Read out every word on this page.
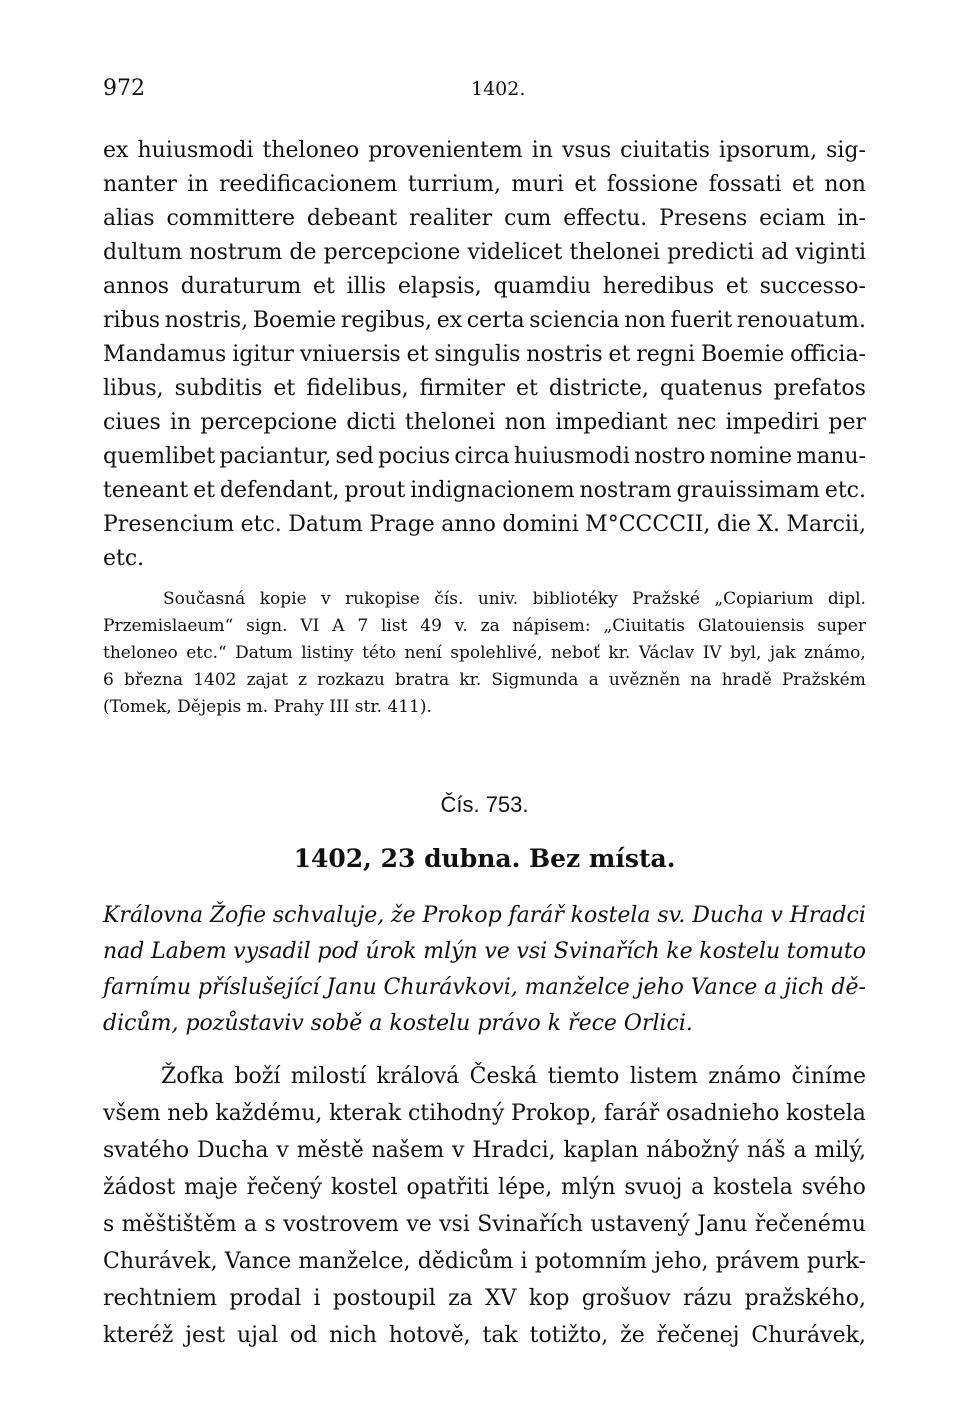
972	1402.
ex huiusmodi theloneo provenientem in vsus ciuitatis ipsorum, sig-
nanter in reedificacionem turrium, muri et fossione fossati et non
alias committere debeant realiter cum effectu. Presens eciam in-
dultum nostrum de percepcione videlicet thelonei predicti ad viginti
annos duraturum et illis elapsis, quamdiu heredibus et successo-
ribus nostris, Boemie regibus, ex certa sciencia non fuerit renouatum.
Mandamus igitur vniuersis et singulis nostris et regni Boemie officia-
libus, subditis et fidelibus, firmiter et districte, quatenus prefatos
ciues in percepcione dicti thelonei non impediant nec impediri per
quemlibet paciantur, sed pocius circa huiusmodi nostro nomine manu-
teneant et defendant, prout indignacionem nostram grauissimam etc.
Presencium etc. Datum Prage anno domini M°CCCCII, die X. Marcii,
etc.
Současná kopie v rukopise čís. univ. bibliotéky Pražské „Copiarium dipl.
Przemislaeum“ sign. VI A 7 list 49 v. za nápisem: „Ciuitatis Glatouiensis super
theloneo etc.“ Datum listiny této není spolehlivé, neboť kr. Václav IV byl, jak známo,
6 března 1402 zajat z rozkazu bratra kr. Sigmunda a uvězněn na hradě Pražském
(Tomek, Dějepis m. Prahy III str. 411).
Čís. 753.
1402, 23 dubna. Bez místa.
Královna Žofie schvaluje, že Prokop farář kostela sv. Ducha v Hradci
nad Labem vysadil pod úrok mlýn ve vsi Svinařích ke kostelu tomuto
farnímu příslušející Janu Churávkovi, manželce jeho Vance a jich dě-
dicům, pozůstaviv sobě a kostelu právo k řece Orlici.
Žofka boží milostí králová Česká tiemto listem známo činíme
všem neb každému, kterak ctihodný Prokop, farář osadnieho kostela
svatého Ducha v městě našem v Hradci, kaplan nábožný náš a milý,
žádost maje řečený kostel opatřiti lépe, mlýn svuoj a kostela svého
s měštištěm a s vostrovem ve vsi Svinařích ustavený Janu řečenému
Churávek, Vance manželce, dědicům i potomním jeho, právem purk-
rechtniem prodal i postoupil za XV kop grošuov rázu pražského,
kteréž jest ujal od nich hotově, tak totižto, že řečenej Churávek,
